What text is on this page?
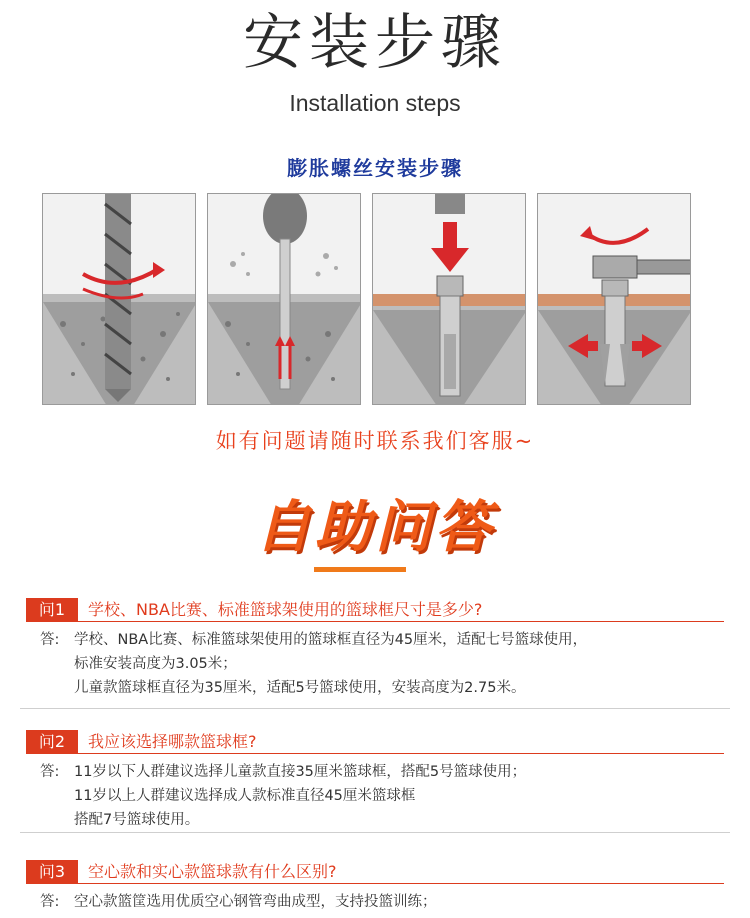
安装步骤
Installation steps
膨胀螺丝安装步骤
如有问题请随时联系我们客服~
自助问答
问1	学校、NBA比赛、标准篮球架使用的篮球框尺寸是多少?
答: 学校、NBA比赛、标准篮球架使用的篮球框直径为45厘米，适配七号篮球使用，
标准安装高度为3.05米；
儿童款篮球框直径为35厘米，适配5号篮球使用，安装高度为2.75米。
问2	我应该选择哪款篮球框?
答: 11岁以下人群建议选择儿童款直接35厘米篮球框，搭配5号篮球使用；
11岁以上人群建议选择成人款标准直径45厘米篮球框
搭配7号篮球使用。
问3	空心款和实心款篮球款有什么区别?
答: 空心款篮筐选用优质空心钢管弯曲成型，支持投篮训练；
